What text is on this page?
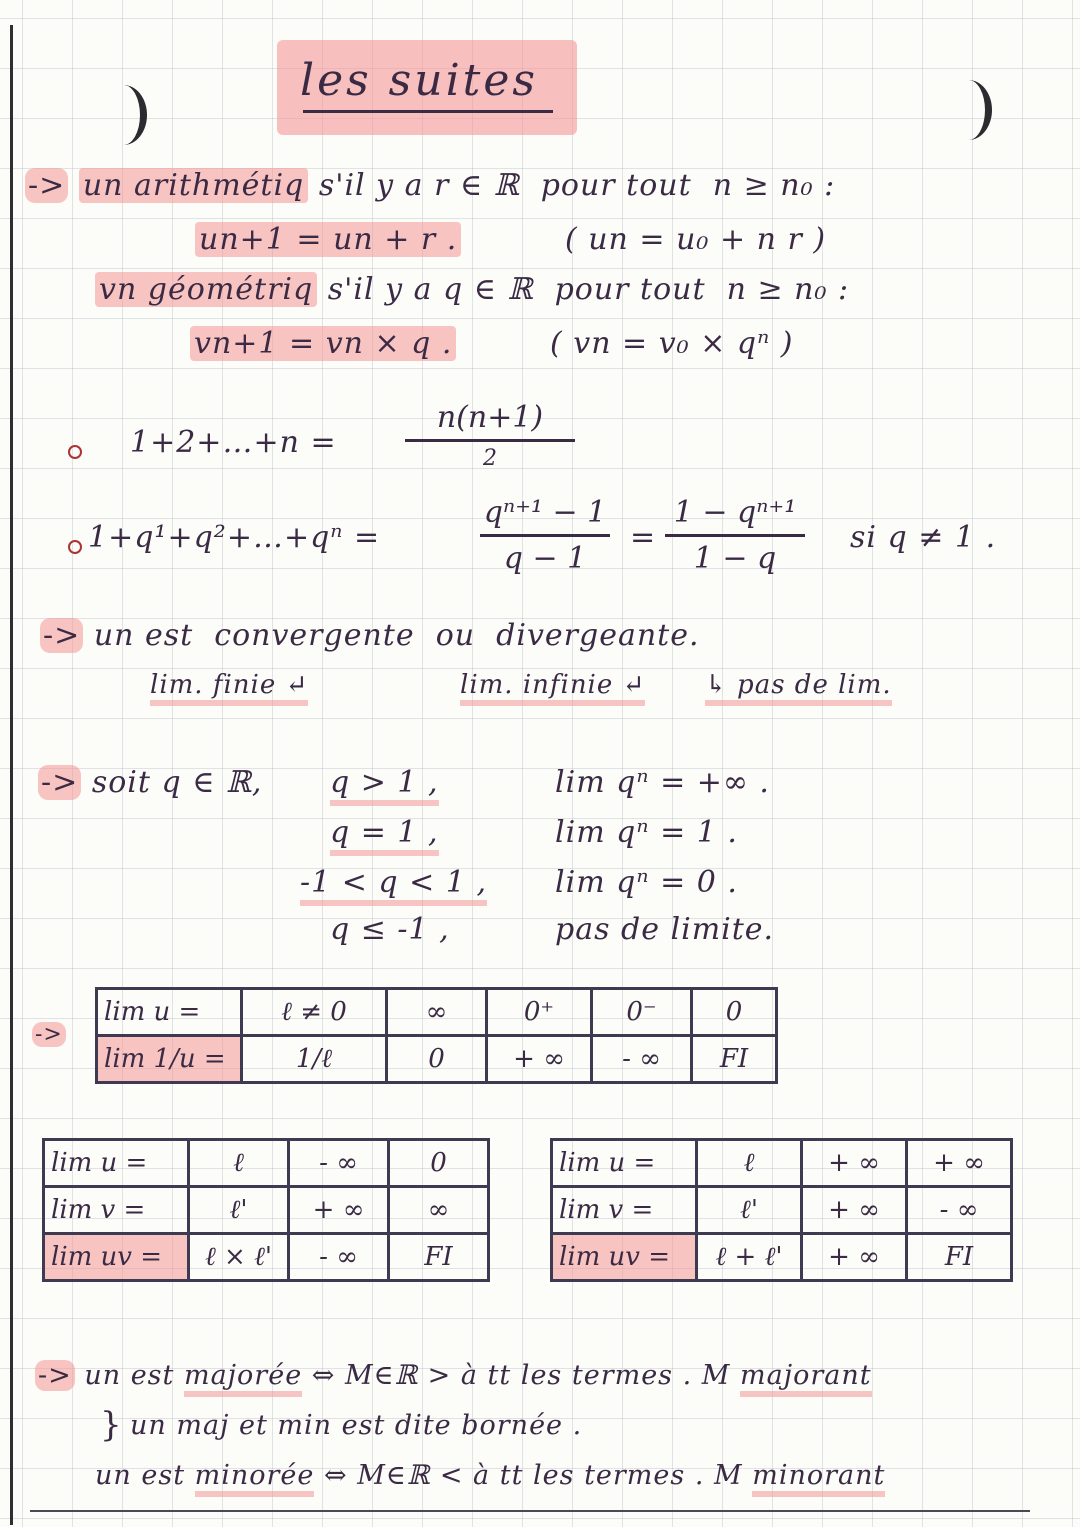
les suites
-> un arithmétiq s'il y a r ∈ ℝ pour tout n ≥ n₀ :
un+1 = un + r .	( un = u₀ + n r )
vn géométriq s'il y a q ∈ ℝ pour tout n ≥ n₀ :
vn+1 = vn × q .	( vn = v₀ × qⁿ )
1+2+…+n =
n(n+1)
2
1+q¹+q²+…+qⁿ =
qⁿ⁺¹ − 1
q − 1
=
1 − qⁿ⁺¹
1 − q
si q ≠ 1 .
-> un est convergente ou divergeante.
lim. finie ↵	lim. infinie ↵ ↳ pas de lim.
-> soit q ∈ ℝ, q > 1 ,	lim qⁿ = +∞ .
q = 1 ,	lim qⁿ = 1 .
-1 < q < 1 , lim qⁿ = 0 .
q ≤ -1 ,	pas de limite.
->
lim u =	ℓ ≠ 0	∞	0⁺	0⁻	0
lim 1/u =	1/ℓ	0	+ ∞	- ∞	FI
lim u =	ℓ	- ∞	0
lim v =	ℓ'	+ ∞	∞
lim uv =	ℓ × ℓ'	- ∞	FI
lim u =	ℓ	+ ∞	+ ∞
lim v =	ℓ'	+ ∞	- ∞
lim uv =	ℓ + ℓ'	+ ∞	FI
-> un est majorée ⇔ M∈ℝ > à tt les termes . M majorant
} un maj et min est dite bornée .
un est minorée ⇔ M∈ℝ < à tt les termes . M minorant
